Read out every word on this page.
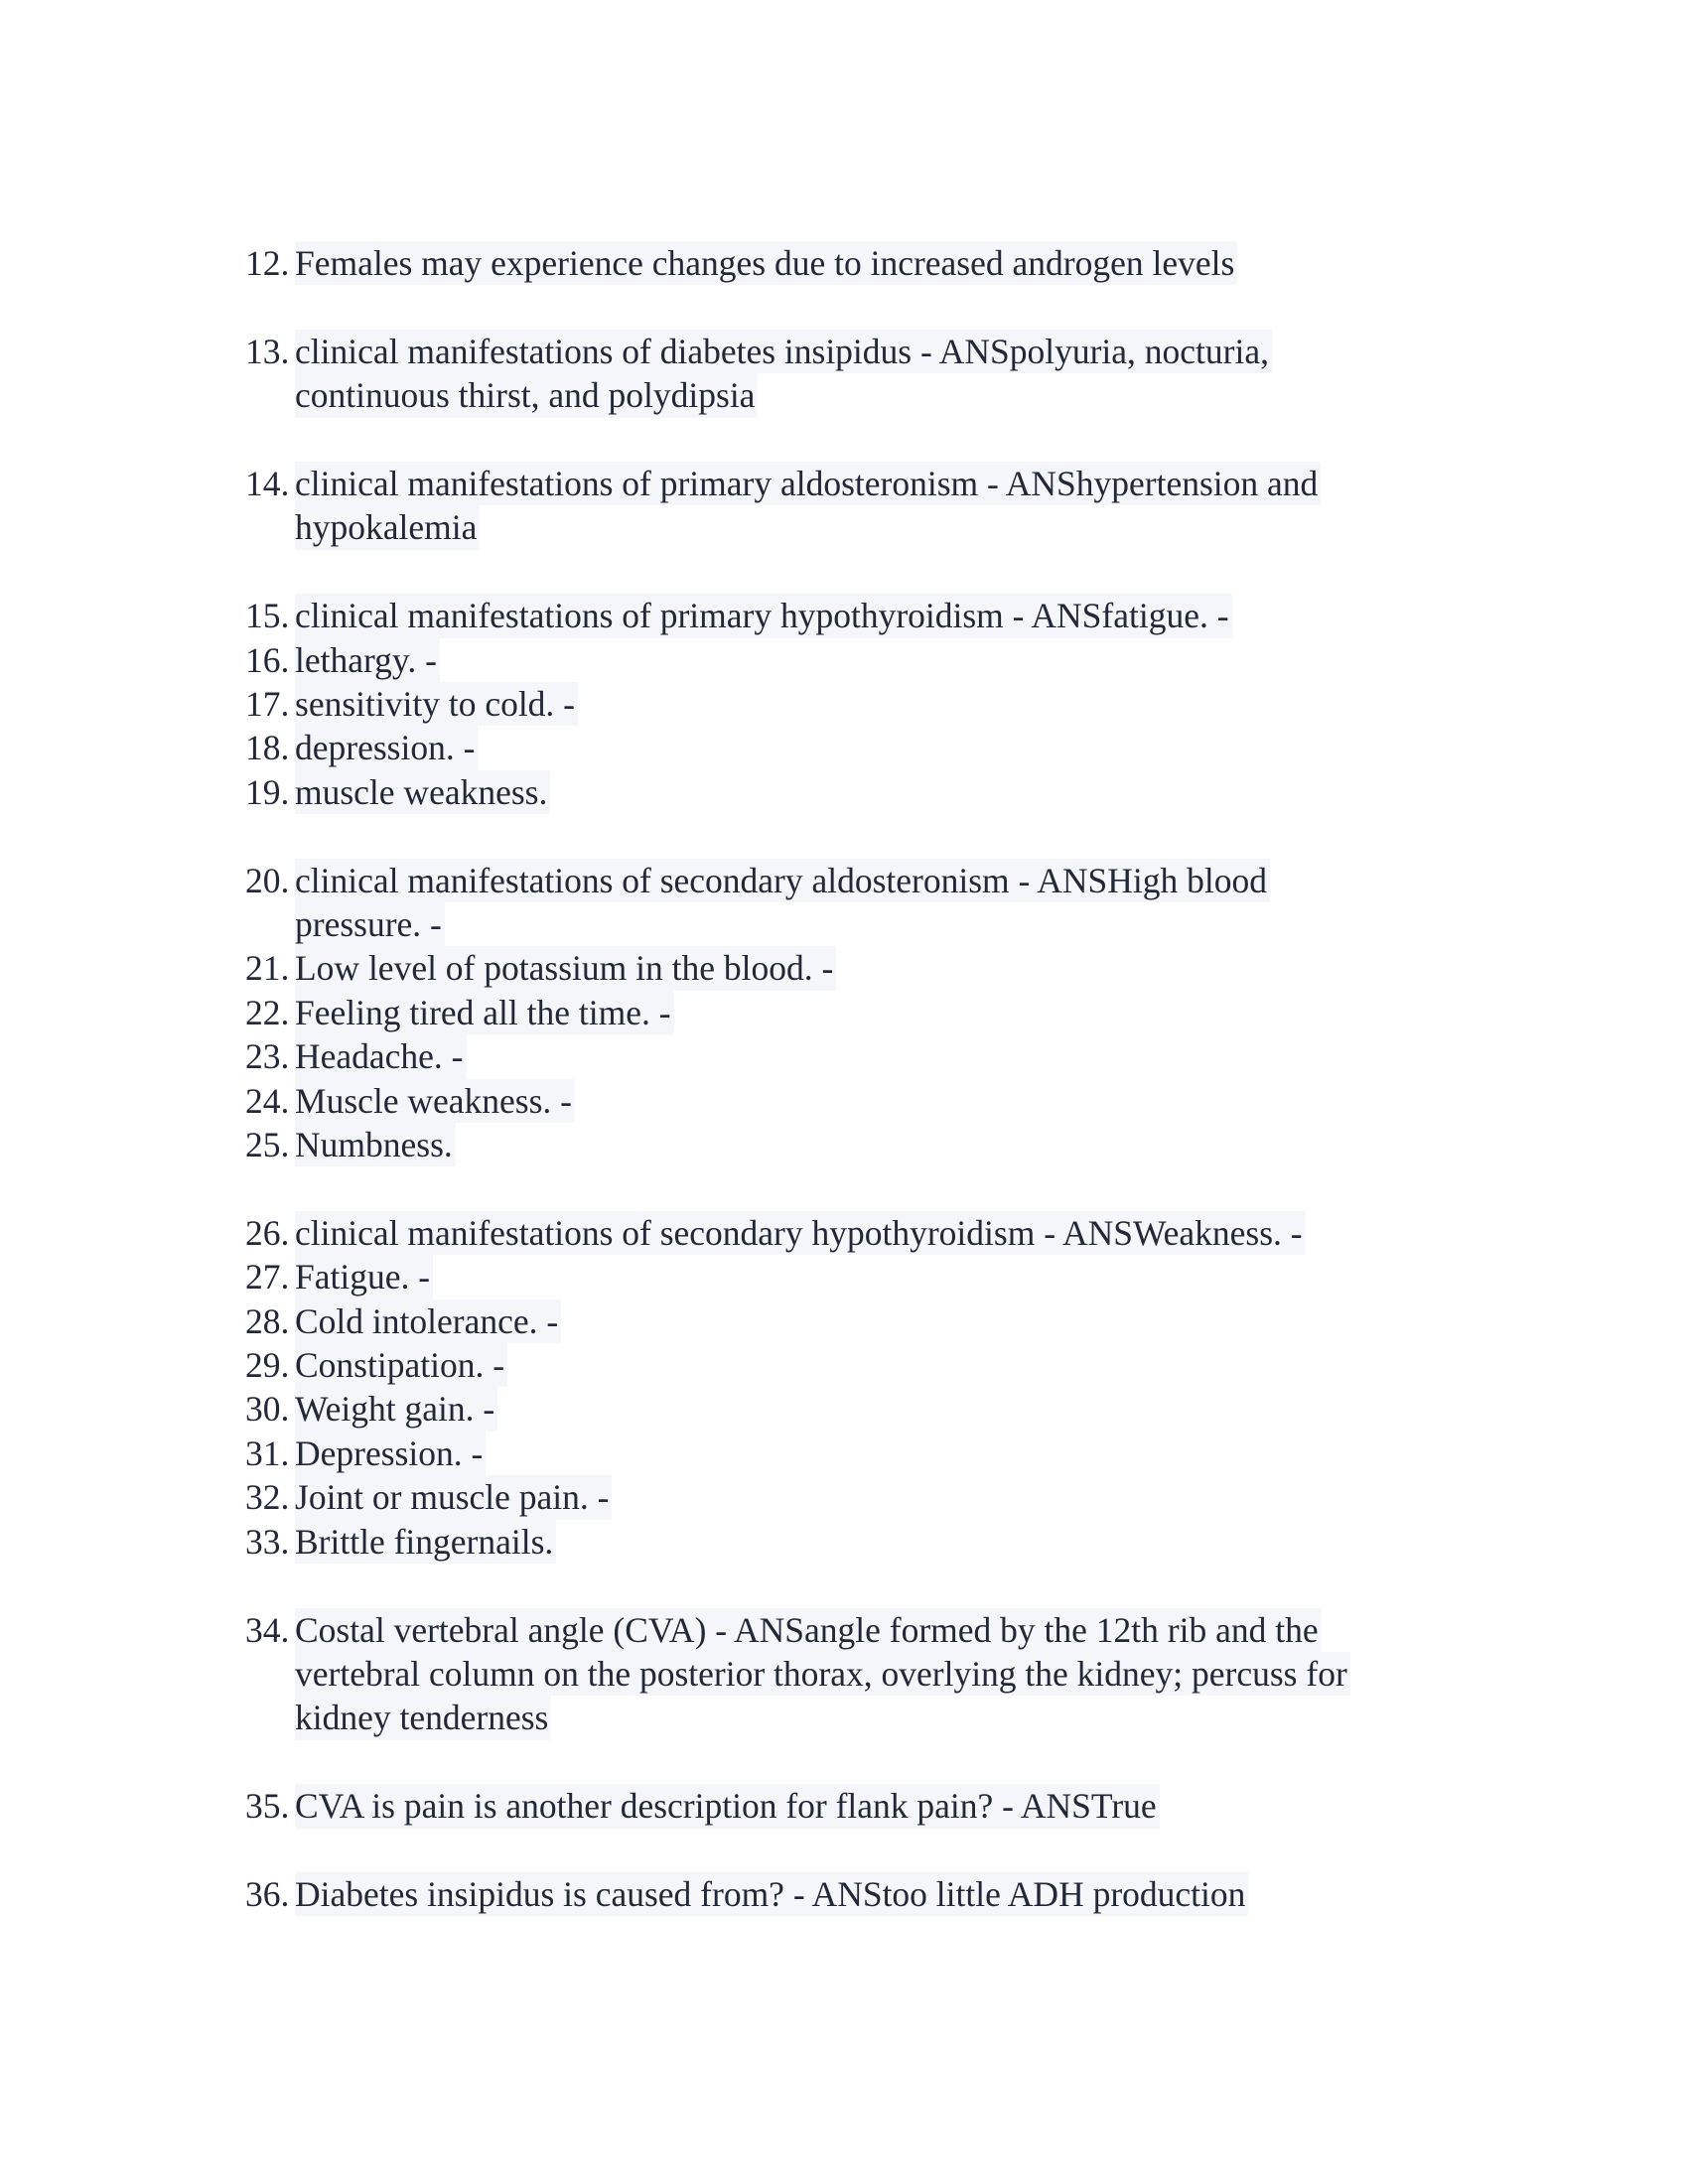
12. Females may experience changes due to increased androgen levels
13. clinical manifestations of diabetes insipidus - ANSpolyuria, nocturia,
continuous thirst, and polydipsia
14. clinical manifestations of primary aldosteronism - ANShypertension and
hypokalemia
15. clinical manifestations of primary hypothyroidism - ANSfatigue. -
16. lethargy. -
17. sensitivity to cold. -
18. depression. -
19. muscle weakness.
20. clinical manifestations of secondary aldosteronism - ANSHigh blood
pressure. -
21. Low level of potassium in the blood. -
22. Feeling tired all the time. -
23. Headache. -
24. Muscle weakness. -
25. Numbness.
26. clinical manifestations of secondary hypothyroidism - ANSWeakness. -
27. Fatigue. -
28. Cold intolerance. -
29. Constipation. -
30. Weight gain. -
31. Depression. -
32. Joint or muscle pain. -
33. Brittle fingernails.
34. Costal vertebral angle (CVA) - ANSangle formed by the 12th rib and the
vertebral column on the posterior thorax, overlying the kidney; percuss for
kidney tenderness
35. CVA is pain is another description for flank pain? - ANSTrue
36. Diabetes insipidus is caused from? - ANStoo little ADH production
